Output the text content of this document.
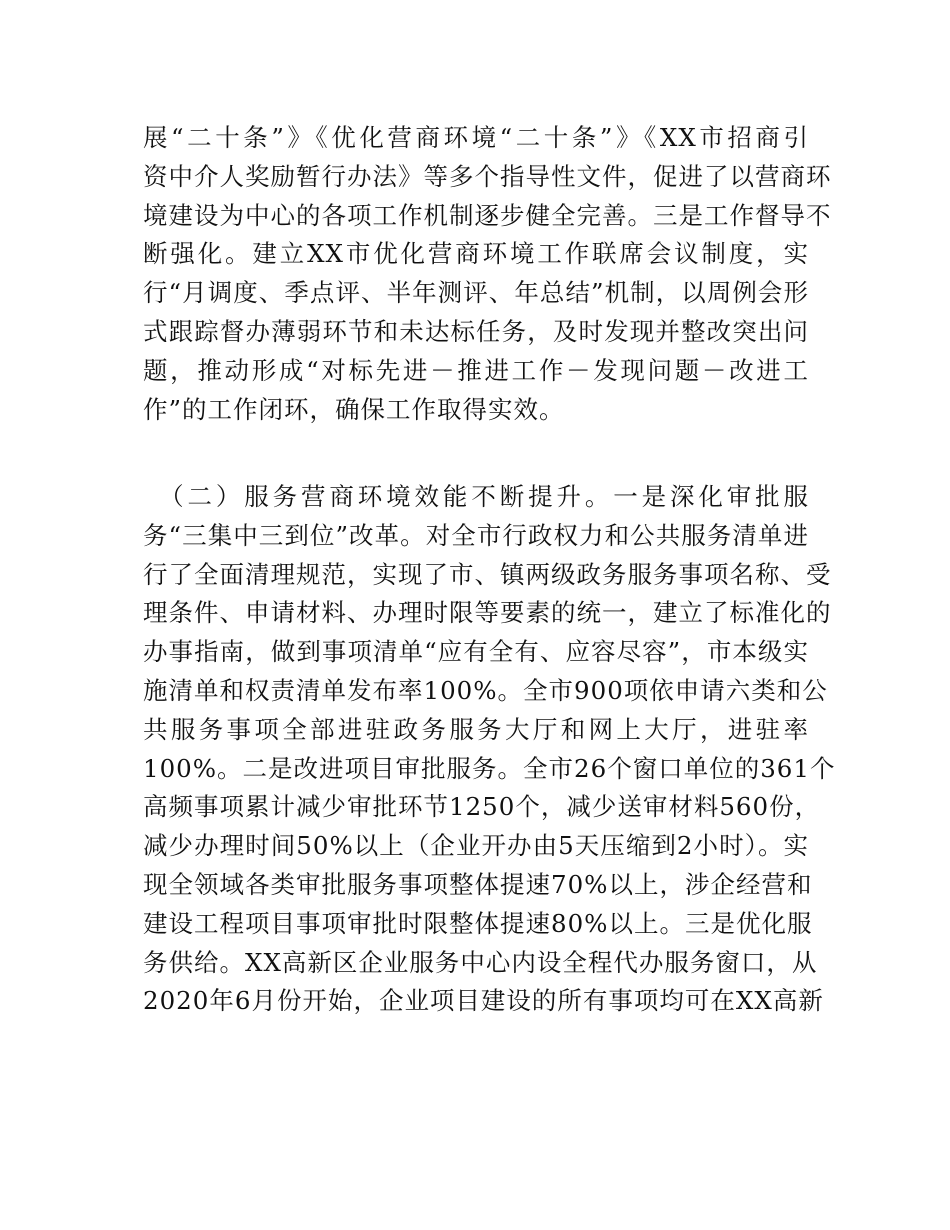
展“二十条”》《优化营商环境“二十条”》《XX市招商引
资中介人奖励暂行办法》等多个指导性文件，促进了以营商环
境建设为中心的各项工作机制逐步健全完善。三是工作督导不
断强化。建立XX市优化营商环境工作联席会议制度，实
行“月调度、季点评、半年测评、年总结”机制，以周例会形
式跟踪督办薄弱环节和未达标任务，及时发现并整改突出问
题，推动形成“对标先进－推进工作－发现问题－改进工
作”的工作闭环，确保工作取得实效。
　（二）服务营商环境效能不断提升。一是深化审批服
务“三集中三到位”改革。对全市行政权力和公共服务清单进
行了全面清理规范，实现了市、镇两级政务服务事项名称、受
理条件、申请材料、办理时限等要素的统一，建立了标准化的
办事指南，做到事项清单“应有全有、应容尽容”，市本级实
施清单和权责清单发布率100%。全市900项依申请六类和公
共服务事项全部进驻政务服务大厅和网上大厅，进驻率
100%。二是改进项目审批服务。全市26个窗口单位的361个
高频事项累计减少审批环节1250个，减少送审材料560份，
减少办理时间50%以上（企业开办由5天压缩到2小时）。实
现全领域各类审批服务事项整体提速70%以上，涉企经营和
建设工程项目事项审批时限整体提速80%以上。三是优化服
务供给。XX高新区企业服务中心内设全程代办服务窗口，从
2020年6月份开始，企业项目建设的所有事项均可在XX高新
